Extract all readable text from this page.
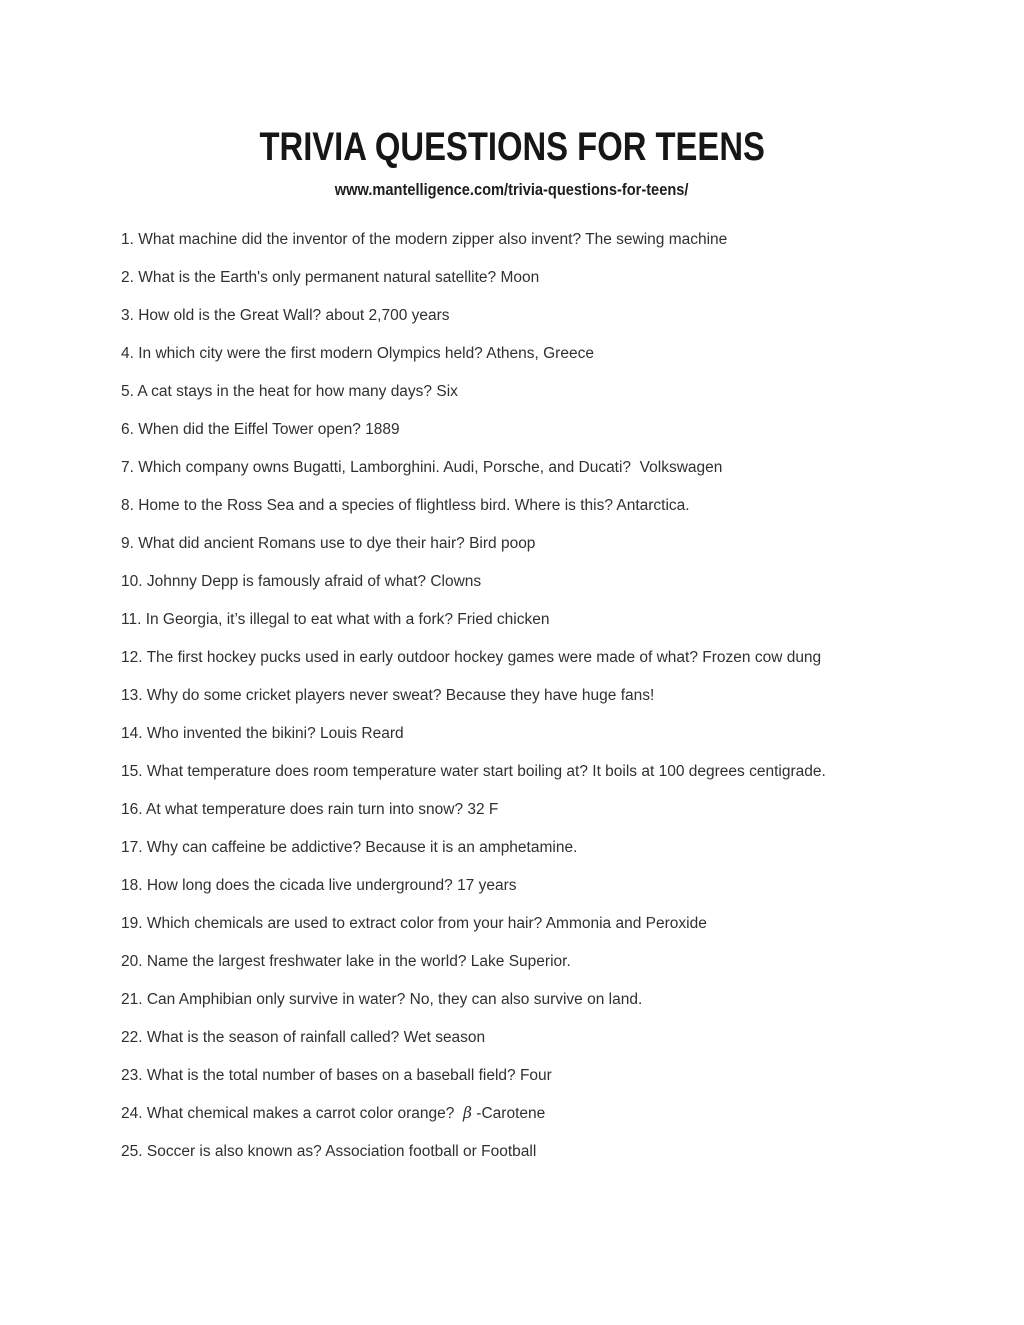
TRIVIA QUESTIONS FOR TEENS

www.mantelligence.com/trivia-questions-for-teens/

1. What machine did the inventor of the modern zipper also invent? The sewing machine

2. What is the Earth's only permanent natural satellite? Moon

3. How old is the Great Wall? about 2,700 years

4. In which city were the first modern Olympics held? Athens, Greece

5. A cat stays in the heat for how many days? Six

6. When did the Eiffel Tower open? 1889

7. Which company owns Bugatti, Lamborghini. Audi, Porsche, and Ducati?  Volkswagen

8. Home to the Ross Sea and a species of flightless bird. Where is this? Antarctica.

9. What did ancient Romans use to dye their hair? Bird poop

10. Johnny Depp is famously afraid of what? Clowns

11. In Georgia, it’s illegal to eat what with a fork? Fried chicken

12. The first hockey pucks used in early outdoor hockey games were made of what? Frozen cow dung

13. Why do some cricket players never sweat? Because they have huge fans!

14. Who invented the bikini? Louis Reard

15. What temperature does room temperature water start boiling at? It boils at 100 degrees centigrade.

16. At what temperature does rain turn into snow? 32 F

17. Why can caffeine be addictive? Because it is an amphetamine.

18. How long does the cicada live underground? 17 years

19. Which chemicals are used to extract color from your hair? Ammonia and Peroxide

20. Name the largest freshwater lake in the world? Lake Superior.

21. Can Amphibian only survive in water? No, they can also survive on land.

22. What is the season of rainfall called? Wet season

23. What is the total number of bases on a baseball field? Four

24. What chemical makes a carrot color orange?  β -Carotene

25. Soccer is also known as? Association football or Football
